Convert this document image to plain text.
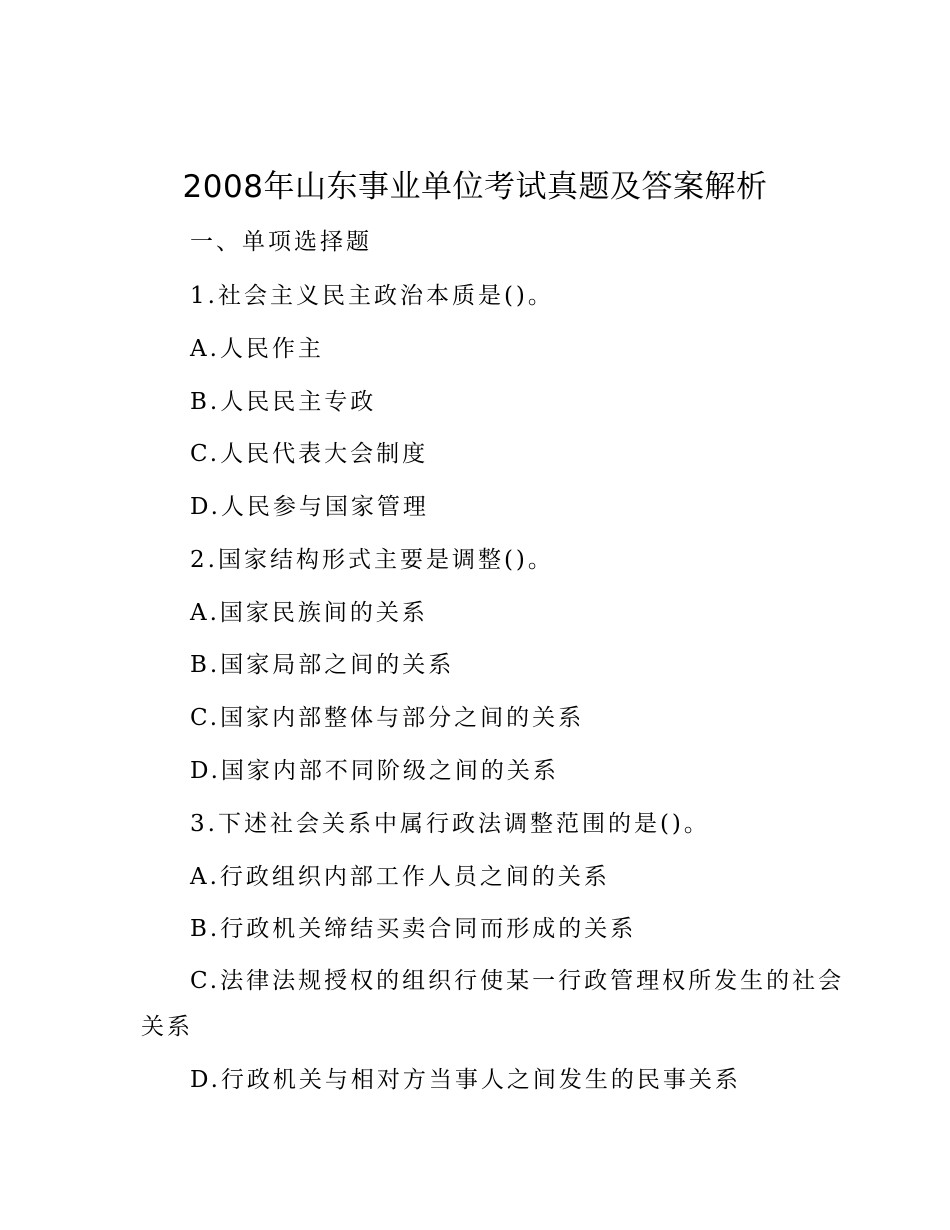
2008年山东事业单位考试真题及答案解析
一、单项选择题
1.社会主义民主政治本质是()。
A.人民作主
B.人民民主专政
C.人民代表大会制度
D.人民参与国家管理
2.国家结构形式主要是调整()。
A.国家民族间的关系
B.国家局部之间的关系
C.国家内部整体与部分之间的关系
D.国家内部不同阶级之间的关系
3.下述社会关系中属行政法调整范围的是()。
A.行政组织内部工作人员之间的关系
B.行政机关缔结买卖合同而形成的关系
C.法律法规授权的组织行使某一行政管理权所发生的社会
关系
D.行政机关与相对方当事人之间发生的民事关系
